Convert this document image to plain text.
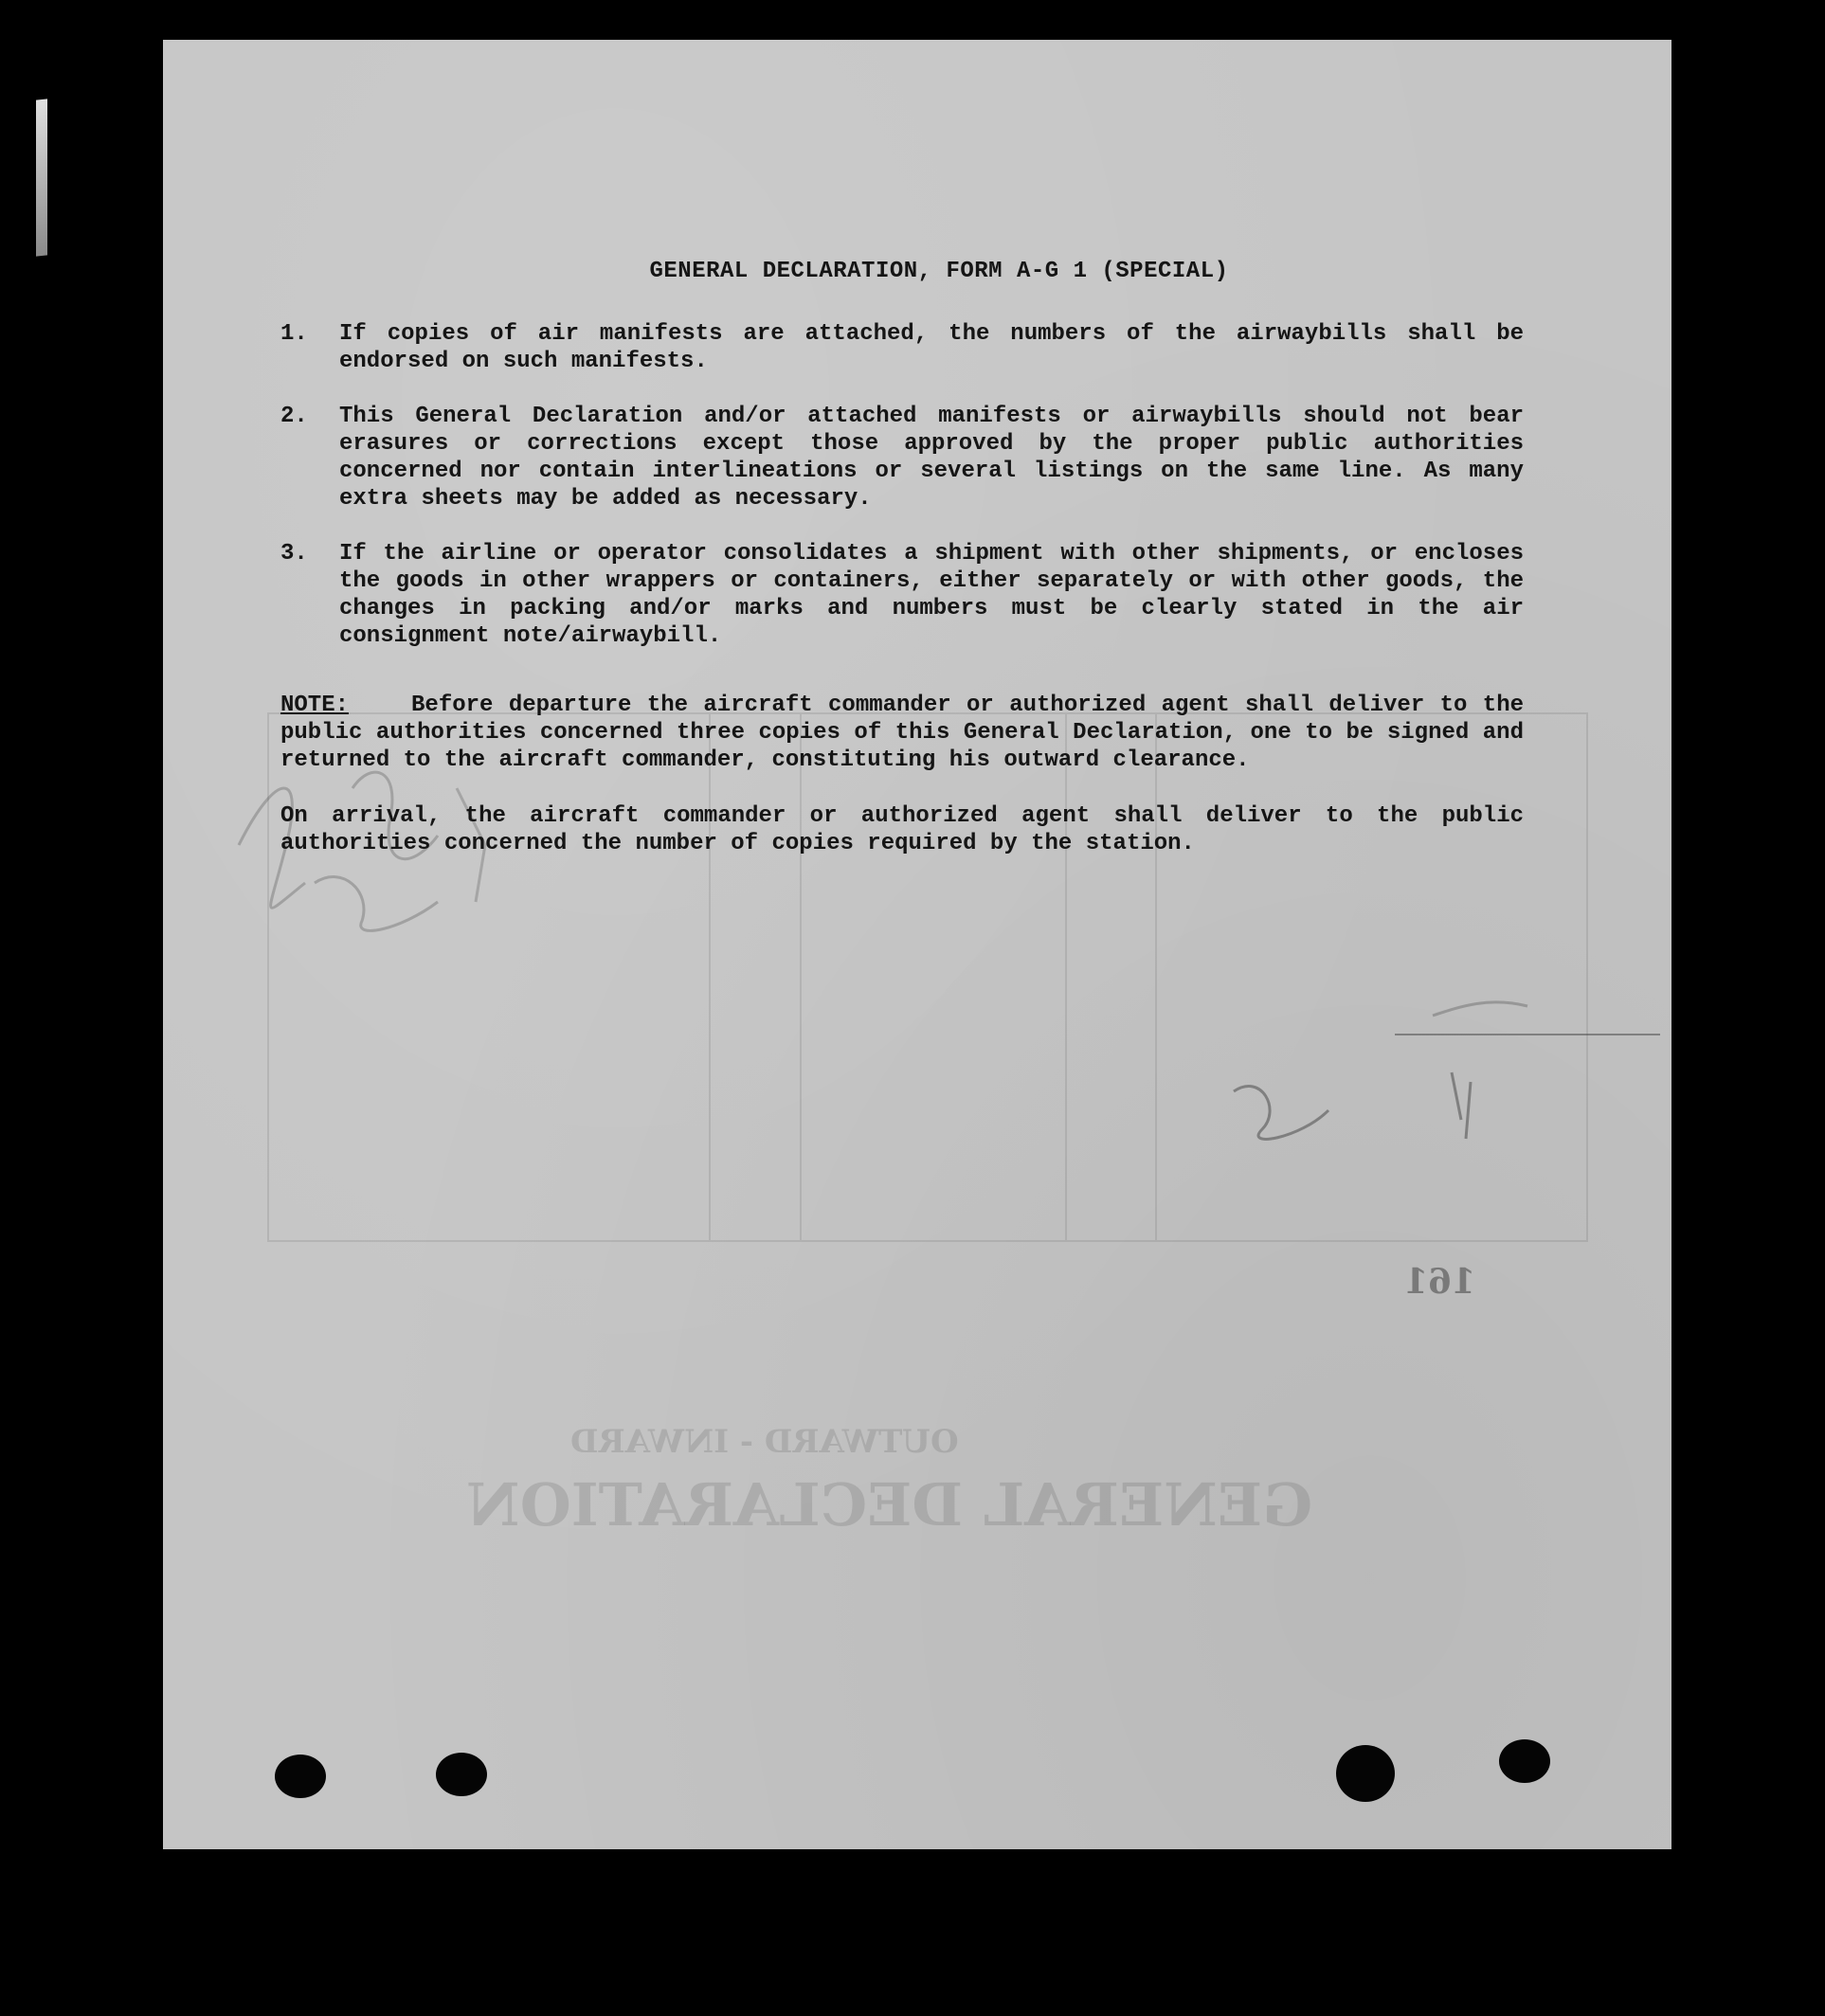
OUTWARD - INWARD
GENERAL DECLARATION
161
GENERAL DECLARATION, FORM A-G 1 (SPECIAL)
1.	If copies of air manifests are attached, the numbers of the airwaybills shall be endorsed on such manifests.
2.	This General Declaration and/or attached manifests or airwaybills should not bear erasures or corrections except those approved by the proper public authorities concerned nor contain interlineations or several listings on the same line. As many extra sheets may be added as necessary.
3.	If the airline or operator consolidates a shipment with other shipments, or encloses the goods in other wrappers or containers, either separately or with other goods, the changes in packing and/or marks and numbers must be clearly stated in the air consignment note/airwaybill.
NOTE:	Before departure the aircraft commander or authorized agent shall deliver to the public authorities concerned three copies of this General Declaration, one to be signed and returned to the aircraft commander, constituting his outward clearance.
On arrival, the aircraft commander or authorized agent shall deliver to the public authorities concerned the number of copies required by the station.
